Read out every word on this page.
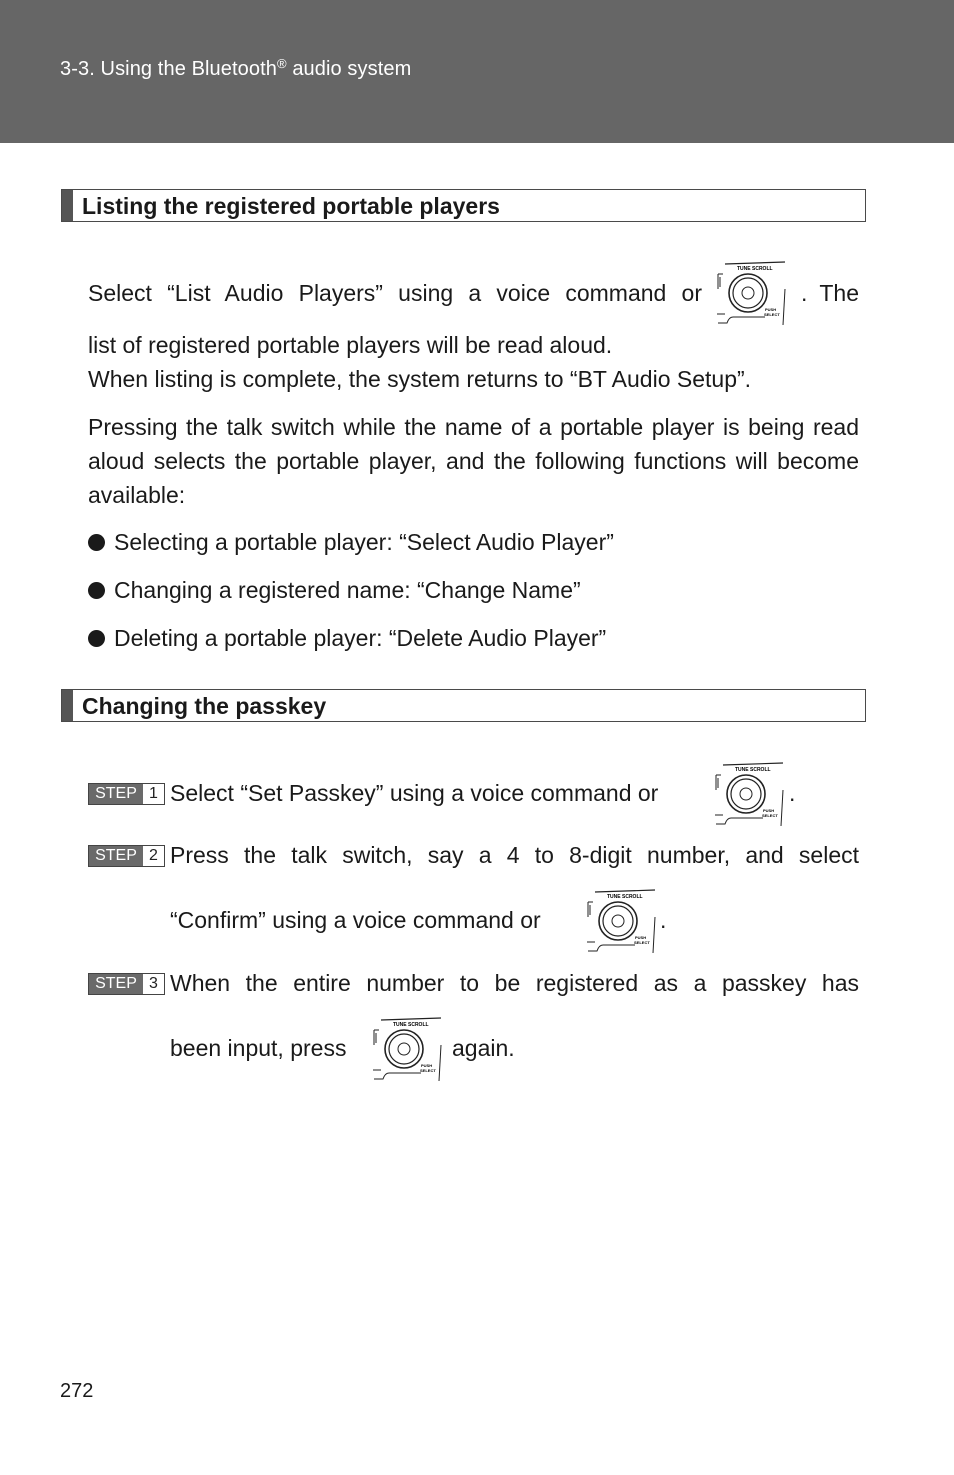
3-3. Using the Bluetooth® audio system
Listing the registered portable players
Select “List Audio Players” using a voice command or
TUNE SCROLL
PUSH
SELECT
. The
list of registered portable players will be read aloud.
When listing is complete, the system returns to “BT Audio Setup”.
Pressing the talk switch while the name of a portable player is being read aloud selects the portable player, and the following functions will become available:
Selecting a portable player: “Select Audio Player”
Changing a registered name: “Change Name”
Deleting a portable player: “Delete Audio Player”
Changing the passkey
STEP 1 Select “Set Passkey” using a voice command or
TUNE SCROLL
PUSH
SELECT
.
STEP 2 Press the talk switch, say a 4 to 8-digit number, and select
“Confirm” using a voice command or
TUNE SCROLL
PUSH
SELECT
.
STEP 3 When the entire number to be registered as a passkey has
been input, press
TUNE SCROLL
PUSH
SELECT
again.
272
